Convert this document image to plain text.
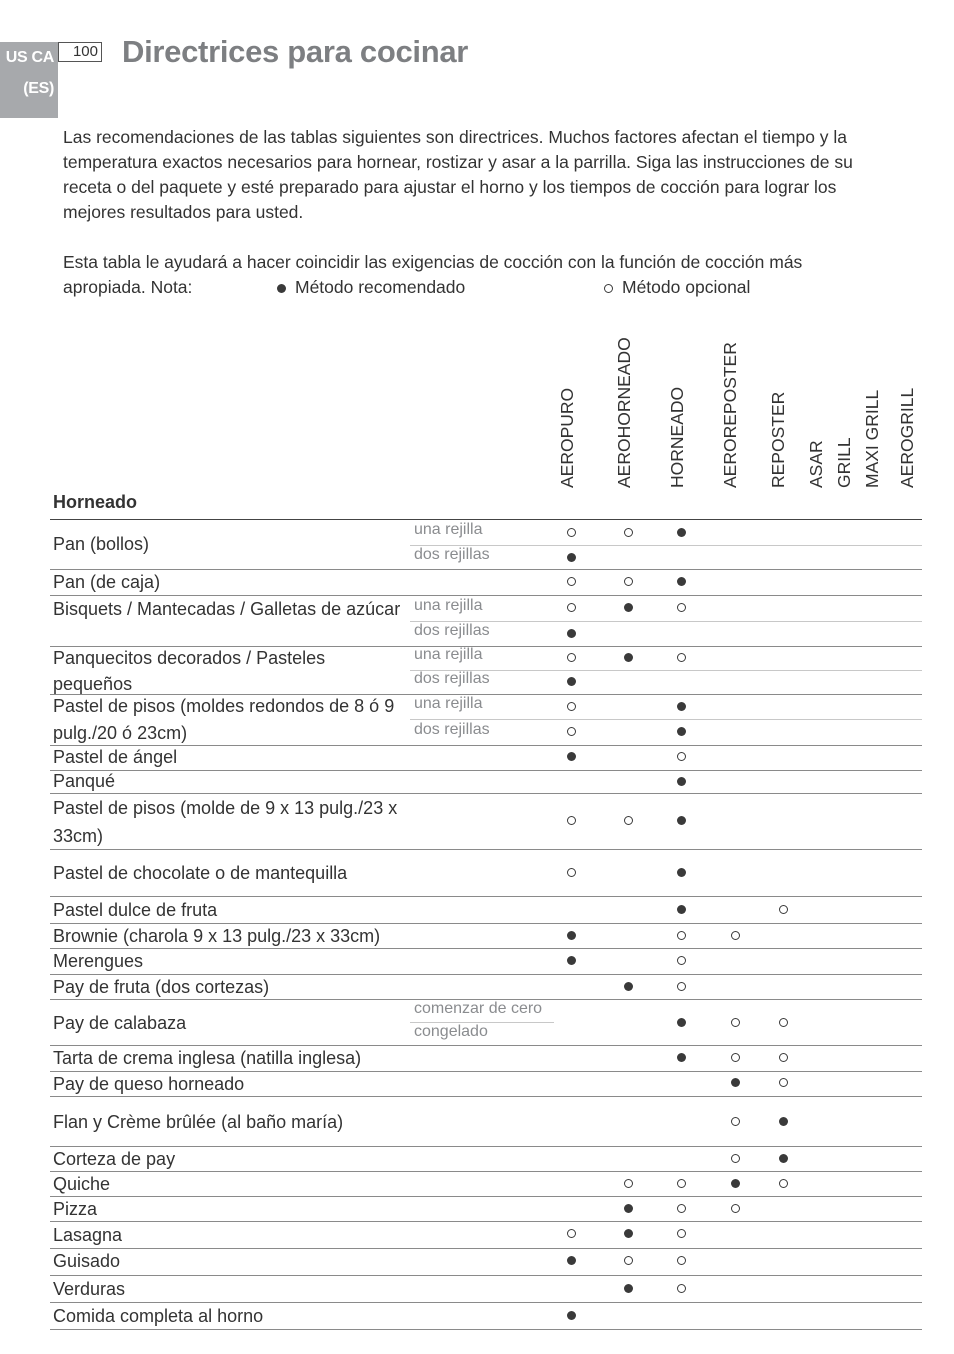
US CA
(ES)
100 Directrices para cocinar

Las recomendaciones de las tablas siguientes son directrices. Muchos factores afectan el tiempo y la temperatura exactos necesarios para hornear, rostizar y asar a la parrilla. Siga las instrucciones de su receta o del paquete y esté preparado para ajustar el horno y los tiempos de cocción para lograr los mejores resultados para usted.

Esta tabla le ayudará a hacer coincidir las exigencias de cocción con la función de cocción más

apropiada. Nota:	Método recomendado	Método opcional
AEROPURO AEROHORNEADO HORNEADO AEROREPOSTER REPOSTER ASAR GRILL MAXI GRILL AEROGRILL
Horneado
Pan (bollos)
una rejilla
dos rejillas
Pan (de caja)
Bisquets / Mantecadas / Galletas de azúcar una rejilla
dos rejillas
Panquecitos decorados / Pasteles pequeños
una rejilla
dos rejillas
Pastel de pisos (moldes redondos de 8 ó 9 pulg./20 ó 23cm)
una rejilla
dos rejillas
Pastel de ángel
Panqué
Pastel de pisos (molde de 9 x 13 pulg./23 x 33cm)
Pastel de chocolate o de mantequilla
Pastel dulce de fruta
Brownie (charola 9 x 13 pulg./23 x 33cm)
Merengues
Pay de fruta (dos cortezas)
Pay de calabaza
comenzar de cero
congelado
Tarta de crema inglesa (natilla inglesa)
Pay de queso horneado
Flan y Crème brûlée (al baño maría)
Corteza de pay
Quiche
Pizza
Lasagna
Guisado
Verduras
Comida completa al horno
